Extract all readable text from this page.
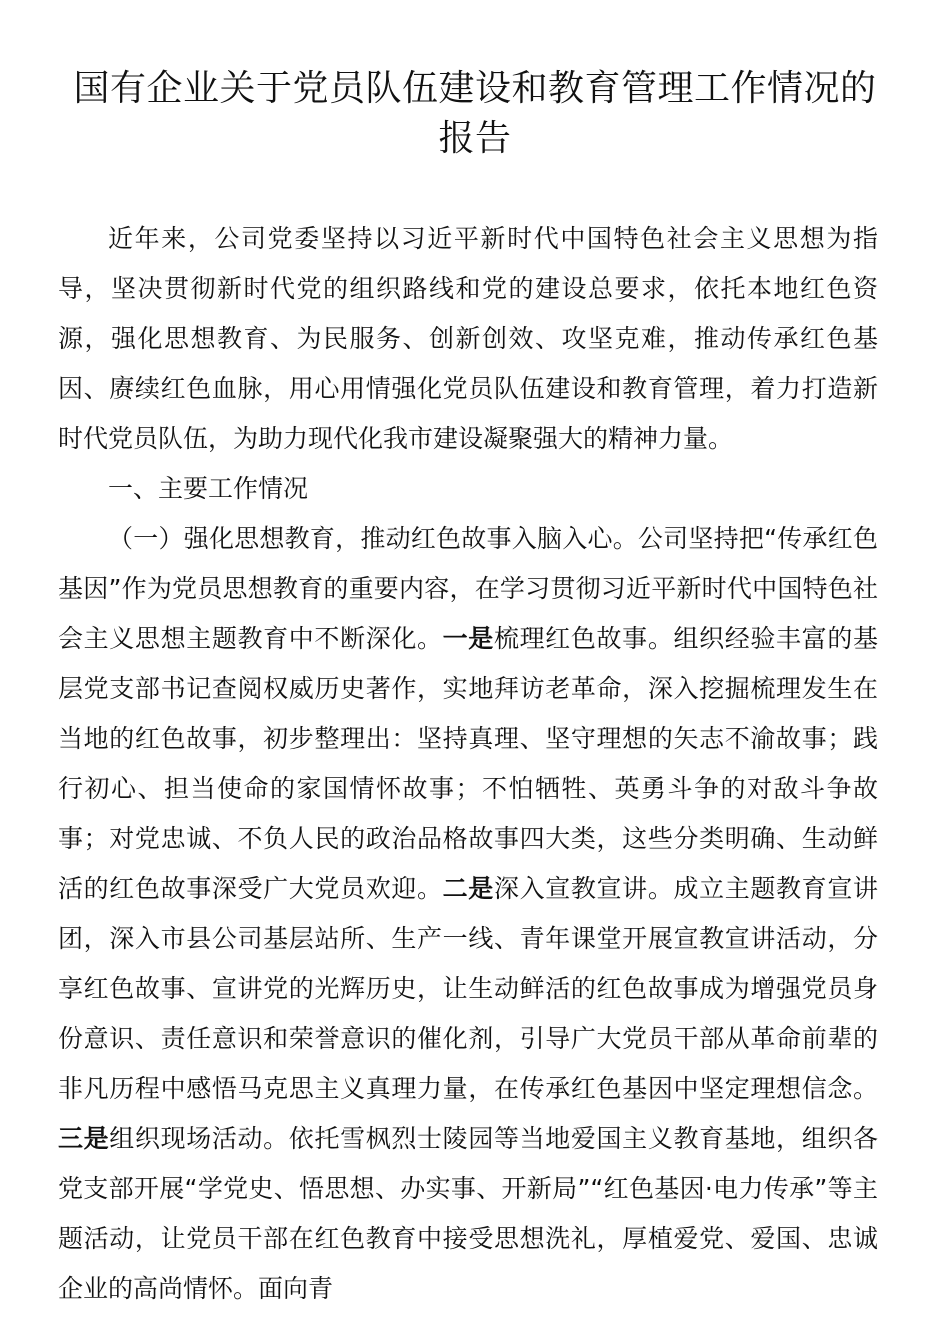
国有企业关于党员队伍建设和教育管理工作情况的报告

近年来，公司党委坚持以习近平新时代中国特色社会主义思想为指导，坚决贯彻新时代党的组织路线和党的建设总要求，依托本地红色资源，强化思想教育、为民服务、创新创效、攻坚克难，推动传承红色基因、赓续红色血脉，用心用情强化党员队伍建设和教育管理，着力打造新时代党员队伍，为助力现代化我市建设凝聚强大的精神力量。

一、主要工作情况

（一）强化思想教育，推动红色故事入脑入心。公司坚持把“传承红色基因”作为党员思想教育的重要内容，在学习贯彻习近平新时代中国特色社会主义思想主题教育中不断深化。一是梳理红色故事。组织经验丰富的基层党支部书记查阅权威历史著作，实地拜访老革命，深入挖掘梳理发生在当地的红色故事，初步整理出：坚持真理、坚守理想的矢志不渝故事；践行初心、担当使命的家国情怀故事；不怕牺牲、英勇斗争的对敌斗争故事；对党忠诚、不负人民的政治品格故事四大类，这些分类明确、生动鲜活的红色故事深受广大党员欢迎。二是深入宣教宣讲。成立主题教育宣讲团，深入市县公司基层站所、生产一线、青年课堂开展宣教宣讲活动，分享红色故事、宣讲党的光辉历史，让生动鲜活的红色故事成为增强党员身份意识、责任意识和荣誉意识的催化剂，引导广大党员干部从革命前辈的非凡历程中感悟马克思主义真理力量，在传承红色基因中坚定理想信念。三是组织现场活动。依托雪枫烈士陵园等当地爱国主义教育基地，组织各党支部开展“学党史、悟思想、办实事、开新局”“红色基因·电力传承”等主题活动，让党员干部在红色教育中接受思想洗礼，厚植爱党、爱国、忠诚企业的高尚情怀。面向青
